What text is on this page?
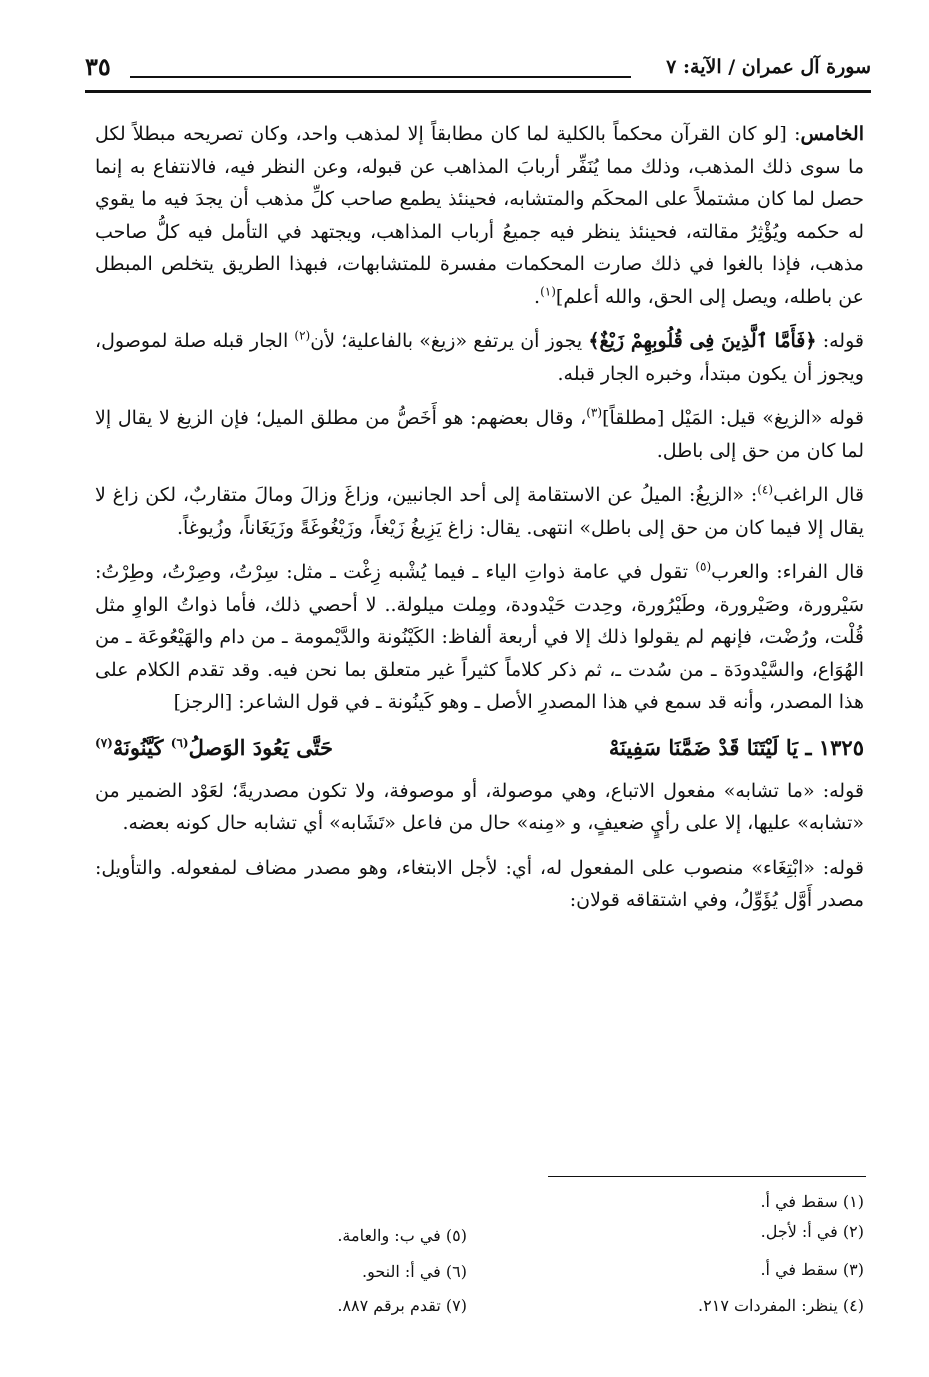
سورة آل عمران / الآية: ٧
٣٥

الخامس: [لو كان القرآن محكماً بالكلية لما كان مطابقاً إلا لمذهب واحد، وكان تصريحه مبطلاً لكل ما سوى ذلك المذهب، وذلك مما يُنَفِّر أربابَ المذاهب عن قبوله، وعن النظر فيه، فالانتفاع به إنما حصل لما كان مشتملاً على المحكَم والمتشابه، فحينئذ يطمع صاحب كلِّ مذهب أن يجدَ فيه ما يقوي له حكمه ويُؤْثِرُ مقالته، فحينئذ ينظر فيه جميعُ أرباب المذاهب، ويجتهد في التأمل فيه كلُّ صاحب مذهب، فإذا بالغوا في ذلك صارت المحكمات مفسرة للمتشابهات، فبهذا الطريق يتخلص المبطل عن باطله، ويصل إلى الحق، والله أعلم]$^{(١)}$.

قوله: ﴿فَأَمَّا ٱلَّذِينَ فِى قُلُوبِهِمْ زَيْغٌ﴾ يجوز أن يرتفع «زيغ» بالفاعلية؛ لأن$^{(٢)}$ الجار قبله صلة لموصول، ويجوز أن يكون مبتدأ، وخبره الجار قبله.

قوله «الزيغ» قيل: المَيْل [مطلقاً]$^{(٣)}$، وقال بعضهم: هو أَخَصُّ من مطلق الميل؛ فإن الزيغ لا يقال إلا لما كان من حق إلى باطل.

قال الراغب$^{(٤)}$: «الزيغُ: الميلُ عن الاستقامة إلى أحد الجانبين، وزاغَ وزالَ ومالَ متقاربٌ، لكن زاغ لا يقال إلا فيما كان من حق إلى باطل» انتهى. يقال: زاغ يَزِيغُ زَيْغاً، وزَيْغُوغَةً وزَيَغَاناً، وزُيوغاً.

قال الفراء: والعرب$^{(٥)}$ تقول في عامة ذواتِ الياء ـ فيما يُشْبه زِغْت ـ مثل: سِرْتُ، وصِرْتُ، وطِرْتُ: سَيْرورة، وصَيْرورة، وطَيْرُورة، وحِدت حَيْدودة، ومِلت ميلولة.. لا أحصي ذلك، فأما ذواتُ الواوِ مثل قُلْت، ورُضْت، فإنهم لم يقولوا ذلك إلا في أربعة ألفاظ: الكَيْنُونة والدَّيْمومة ـ من دام والهَيْعُوعَة ـ من الهُوَاع، والسَّيْدودَة ـ من سُدت ـ، ثم ذكر كلاماً كثيراً غير متعلق بما نحن فيه. وقد تقدم الكلام على هذا المصدر، وأنه قد سمع في هذا المصدرِ الأصل ـ وهو كَينُونة ـ في قول الشاعر: [الرجز]

١٣٢٥ ـ يَا لَيْتَنَا قَدْ ضَمَّنَا سَفِينَهْ
حَتَّى يَعُودَ الوَصلُ$^{(٦)}$ كَيَّنُونَهْ$^{(٧)}$

قوله: «ما تشابه» مفعول الاتباع، وهي موصولة، أو موصوفة، ولا تكون مصدريةً؛ لعَوْد الضمير من «تشابه» عليها، إلا على رأيٍ ضعيفٍ، و «مِنه» حال من فاعل «تَشَابه» أي تشابه حال كونه بعضه.

قوله: «ابْتِغَاء» منصوب على المفعول له، أي: لأجل الابتغاء، وهو مصدر مضاف لمفعوله. والتأويل: مصدر أَوَّل يُؤَوِّلُ، وفي اشتقاقه قولان:

(١) سقط في أ.
(٢) في أ: لأجل.
(٣) سقط في أ.
(٤) ينظر: المفردات ٢١٧.
(٥) في ب: والعامة.
(٦) في أ: النحو.
(٧) تقدم برقم ٨٨٧.
